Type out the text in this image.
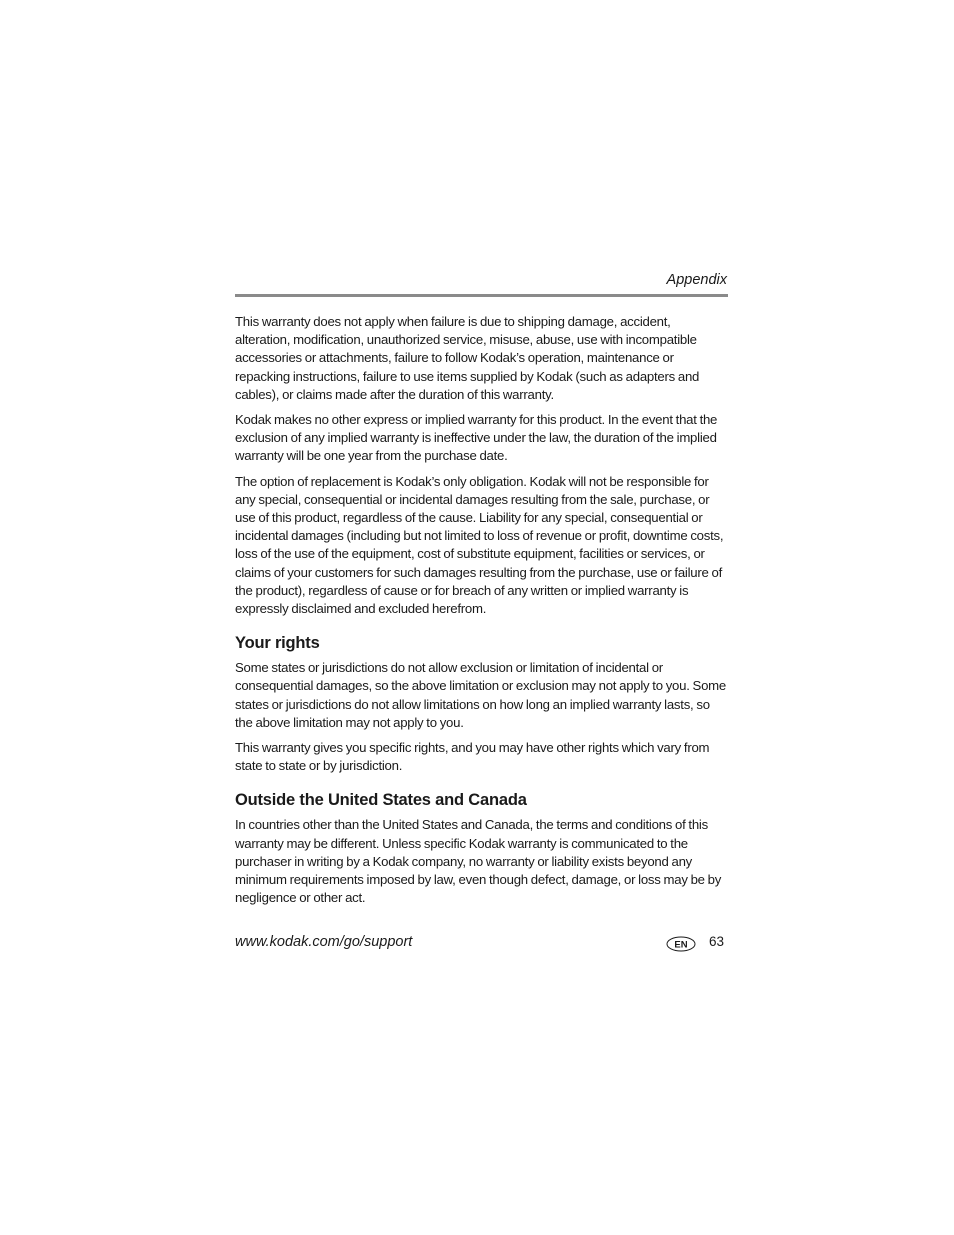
Appendix

This warranty does not apply when failure is due to shipping damage, accident, alteration, modification, unauthorized service, misuse, abuse, use with incompatible accessories or attachments, failure to follow Kodak’s operation, maintenance or repacking instructions, failure to use items supplied by Kodak (such as adapters and cables), or claims made after the duration of this warranty.

Kodak makes no other express or implied warranty for this product. In the event that the exclusion of any implied warranty is ineffective under the law, the duration of the implied warranty will be one year from the purchase date.

The option of replacement is Kodak’s only obligation. Kodak will not be responsible for any special, consequential or incidental damages resulting from the sale, purchase, or use of this product, regardless of the cause. Liability for any special, consequential or incidental damages (including but not limited to loss of revenue or profit, downtime costs, loss of the use of the equipment, cost of substitute equipment, facilities or services, or claims of your customers for such damages resulting from the purchase, use or failure of the product), regardless of cause or for breach of any written or implied warranty is expressly disclaimed and excluded herefrom.

Your rights

Some states or jurisdictions do not allow exclusion or limitation of incidental or consequential damages, so the above limitation or exclusion may not apply to you. Some states or jurisdictions do not allow limitations on how long an implied warranty lasts, so the above limitation may not apply to you.

This warranty gives you specific rights, and you may have other rights which vary from state to state or by jurisdiction.

Outside the United States and Canada

In countries other than the United States and Canada, the terms and conditions of this warranty may be different. Unless specific Kodak warranty is communicated to the purchaser in writing by a Kodak company, no warranty or liability exists beyond any minimum requirements imposed by law, even though defect, damage, or loss may be by negligence or other act.

www.kodak.com/go/support	EN 63
